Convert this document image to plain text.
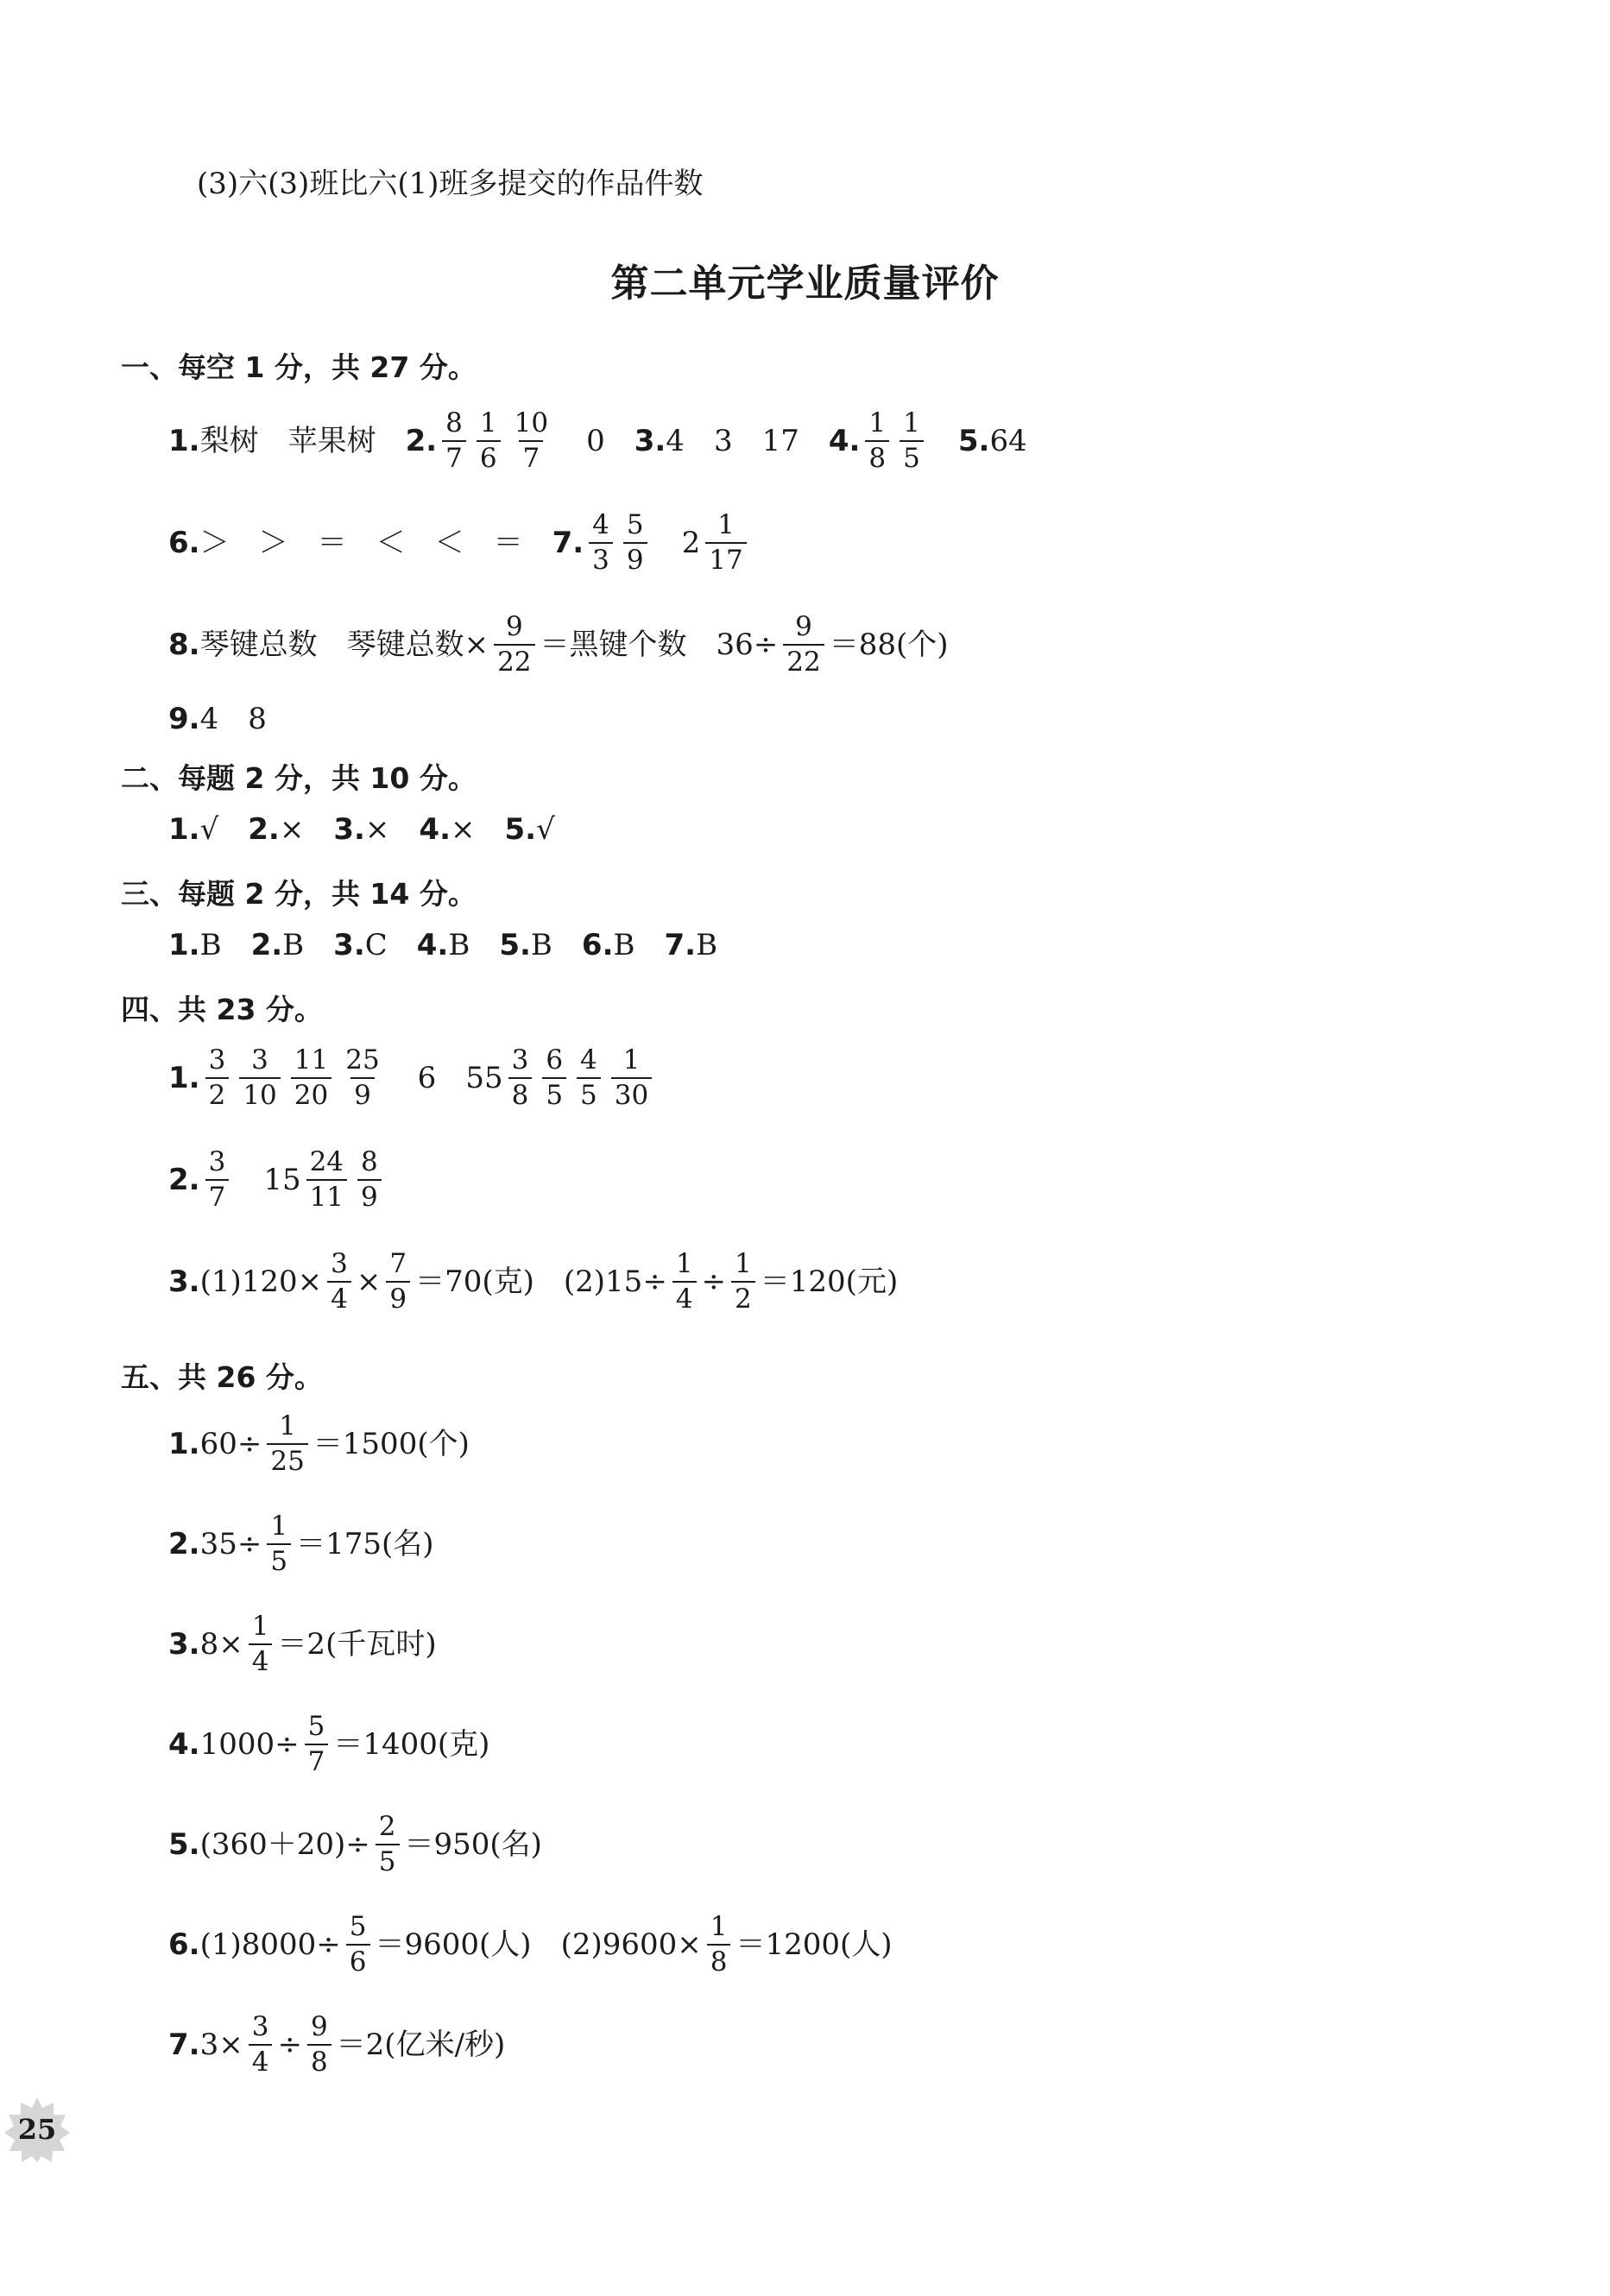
(3)六(3)班比六(1)班多提交的作品件数
第二单元学业质量评价
一、每空 1 分，共 27 分。
1. 梨树 苹果树 2. $\frac{8}{7} \frac{1}{6} \frac{10}{7} 0$ 3. 4 3 17 4. $\frac{1}{8} \frac{1}{5} 5$. 64
6. ＞ ＞ ＝ ＜ ＜ ＝ 7. $\frac{4}{3} \frac{5}{9} 2 \frac{1}{17}$
8. 琴键总数 琴键总数× $\frac{9}{22}$ ＝黑键个数 $36\div \frac{9}{22} =88$(个)
9. 4 8
二、每题 2 分，共 10 分。
1.√ 2.× 3.× 4.× 5.√
三、每题 2 分，共 14 分。
1.B 2.B 3.C 4.B 5.B 6.B 7.B
四、共 23 分。
1. $\frac{3}{2} \frac{3}{10} \frac{11}{20} \frac{25}{9} 6$ $55 \frac{3}{8} \frac{6}{5} \frac{4}{5} \frac{1}{30}$
2. $\frac{3}{7} 15 \frac{24}{11} \frac{8}{9}$
3. $(1)120\times \frac{3}{4} \times \frac{7}{9} =70$(克) $(2)15\div \frac{1}{4} \div \frac{1}{2} =120$(元)
五、共 26 分。
1. $60\div \frac{1}{25} =1500$(个)
2. $35\div \frac{1}{5} =175$(名)
3. $8\times \frac{1}{4} =2$(千瓦时)
4. $1000\div \frac{5}{7} =1400$(克)
5. $(360+20)\div \frac{2}{5} =950$(名)
6. $(1)8000\div \frac{5}{6} =9600$(人) $(2)9600\times \frac{1}{8} =1200$(人)
7. $3\times \frac{3}{4} \div \frac{9}{8} =2$(亿米/秒)
25
